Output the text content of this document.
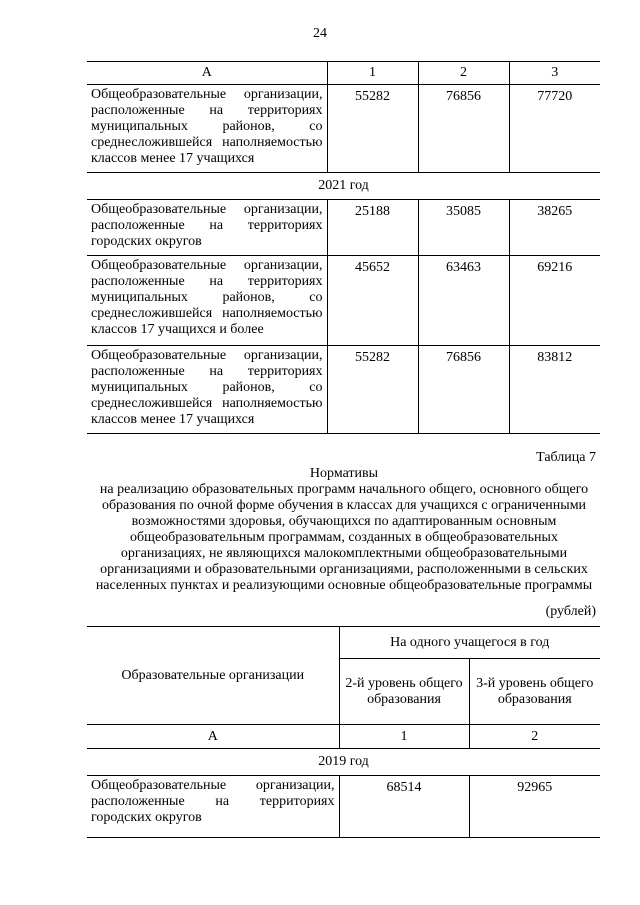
24
А	1	2	3
Общеобразовательные организации, расположенные на территориях муниципальных районов, со среднесложившейся наполняемостью классов менее 17 учащихся	55282	76856	77720
2021 год			
Общеобразовательные организации, расположенные на территориях городских округов	25188	35085	38265
Общеобразовательные организации, расположенные на территориях муниципальных районов, со среднесложившейся наполняемостью классов 17 учащихся и более	45652	63463	69216
Общеобразовательные организации, расположенные на территориях муниципальных районов, со среднесложившейся наполняемостью классов менее 17 учащихся	55282	76856	83812
Таблица 7
Нормативы
на реализацию образовательных программ начального общего, основного общего образования по очной форме обучения в классах для учащихся с ограниченными возможностями здоровья, обучающихся по адаптированным основным общеобразовательным программам, созданных в общеобразовательных организациях, не являющихся малокомплектными общеобразовательными организациями и образовательными организациями, расположенными в сельских населенных пунктах и реализующими основные общеобразовательные программы
(рублей)
Образовательные организации	На одного учащегося в год	
	2-й уровень общего образования	3-й уровень общего образования
А	1	2
2019 год		
Общеобразовательные организации, расположенные на территориях городских округов	68514	92965
